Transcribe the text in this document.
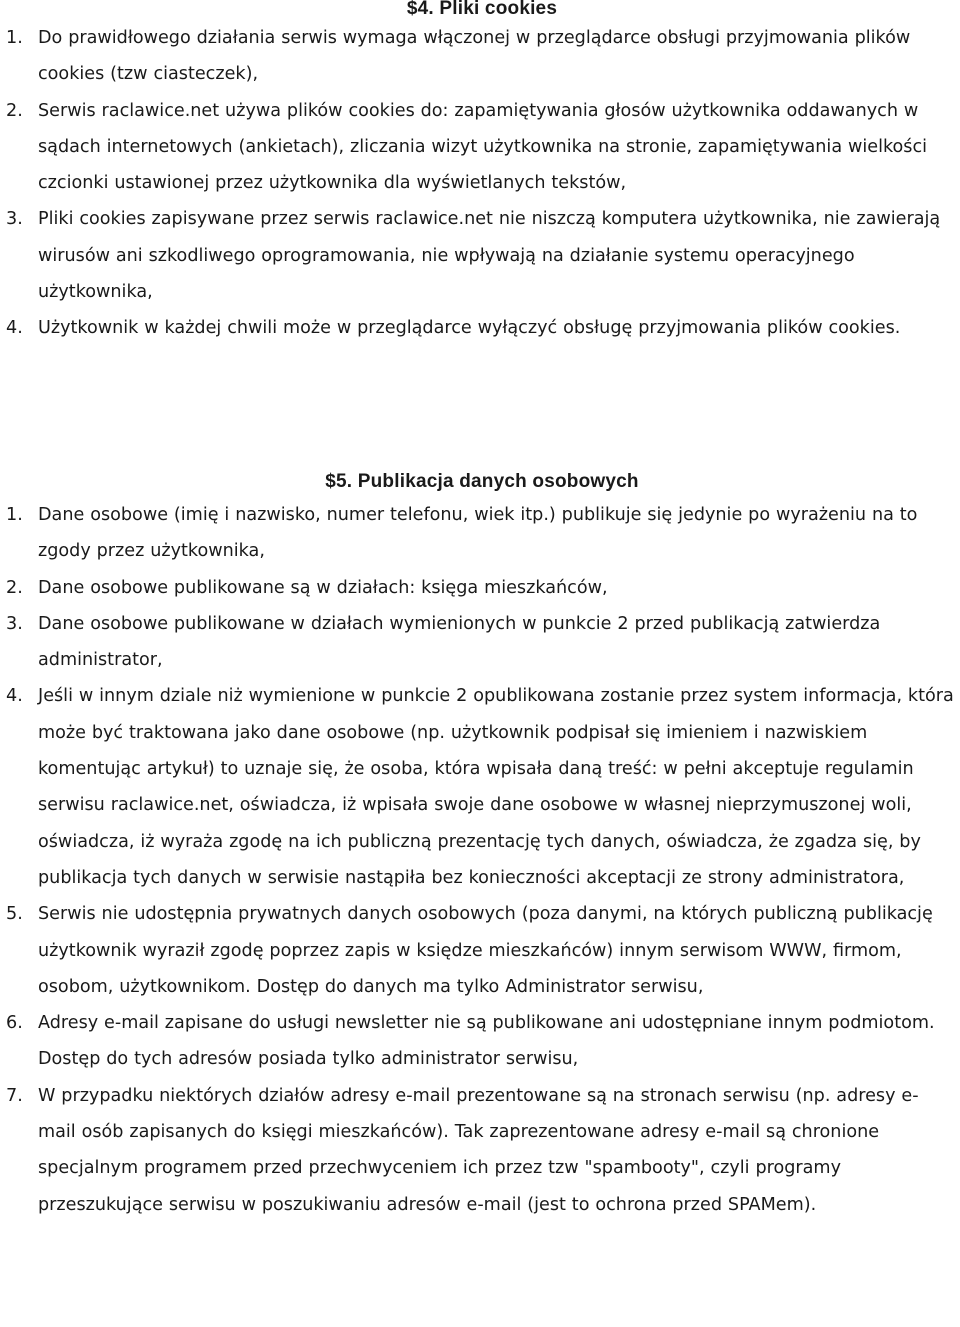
$4. Pliki cookies
1. Do prawidłowego działania serwis wymaga włączonej w przeglądarce obsługi przyjmowania plików cookies (tzw ciasteczek),
2. Serwis raclawice.net używa plików cookies do: zapamiętywania głosów użytkownika oddawanych w sądach internetowych (ankietach), zliczania wizyt użytkownika na stronie, zapamiętywania wielkości czcionki ustawionej przez użytkownika dla wyświetlanych tekstów,
3. Pliki cookies zapisywane przez serwis raclawice.net nie niszczą komputera użytkownika, nie zawierają wirusów ani szkodliwego oprogramowania, nie wpływają na działanie systemu operacyjnego użytkownika,
4. Użytkownik w każdej chwili może w przeglądarce wyłączyć obsługę przyjmowania plików cookies.
$5. Publikacja danych osobowych
1. Dane osobowe (imię i nazwisko, numer telefonu, wiek itp.) publikuje się jedynie po wyrażeniu na to zgody przez użytkownika,
2. Dane osobowe publikowane są w działach: księga mieszkańców,
3. Dane osobowe publikowane w działach wymienionych w punkcie 2 przed publikacją zatwierdza administrator,
4. Jeśli w innym dziale niż wymienione w punkcie 2 opublikowana zostanie przez system informacja, która może być traktowana jako dane osobowe (np. użytkownik podpisał się imieniem i nazwiskiem komentując artykuł) to uznaje się, że osoba, która wpisała daną treść: w pełni akceptuje regulamin serwisu raclawice.net, oświadcza, iż wpisała swoje dane osobowe w własnej nieprzymuszonej woli, oświadcza, iż wyraża zgodę na ich publiczną prezentację tych danych, oświadcza, że zgadza się, by publikacja tych danych w serwisie nastąpiła bez konieczności akceptacji ze strony administratora,
5. Serwis nie udostępnia prywatnych danych osobowych (poza danymi, na których publiczną publikację użytkownik wyraził zgodę poprzez zapis w księdze mieszkańców) innym serwisom WWW, firmom, osobom, użytkownikom. Dostęp do danych ma tylko Administrator serwisu,
6. Adresy e-mail zapisane do usługi newsletter nie są publikowane ani udostępniane innym podmiotom. Dostęp do tych adresów posiada tylko administrator serwisu,
7. W przypadku niektórych działów adresy e-mail prezentowane są na stronach serwisu (np. adresy e-mail osób zapisanych do księgi mieszkańców). Tak zaprezentowane adresy e-mail są chronione specjalnym programem przed przechwyceniem ich przez tzw "spambooty", czyli programy przeszukujące serwisu w poszukiwaniu adresów e-mail (jest to ochrona przed SPAMem).
